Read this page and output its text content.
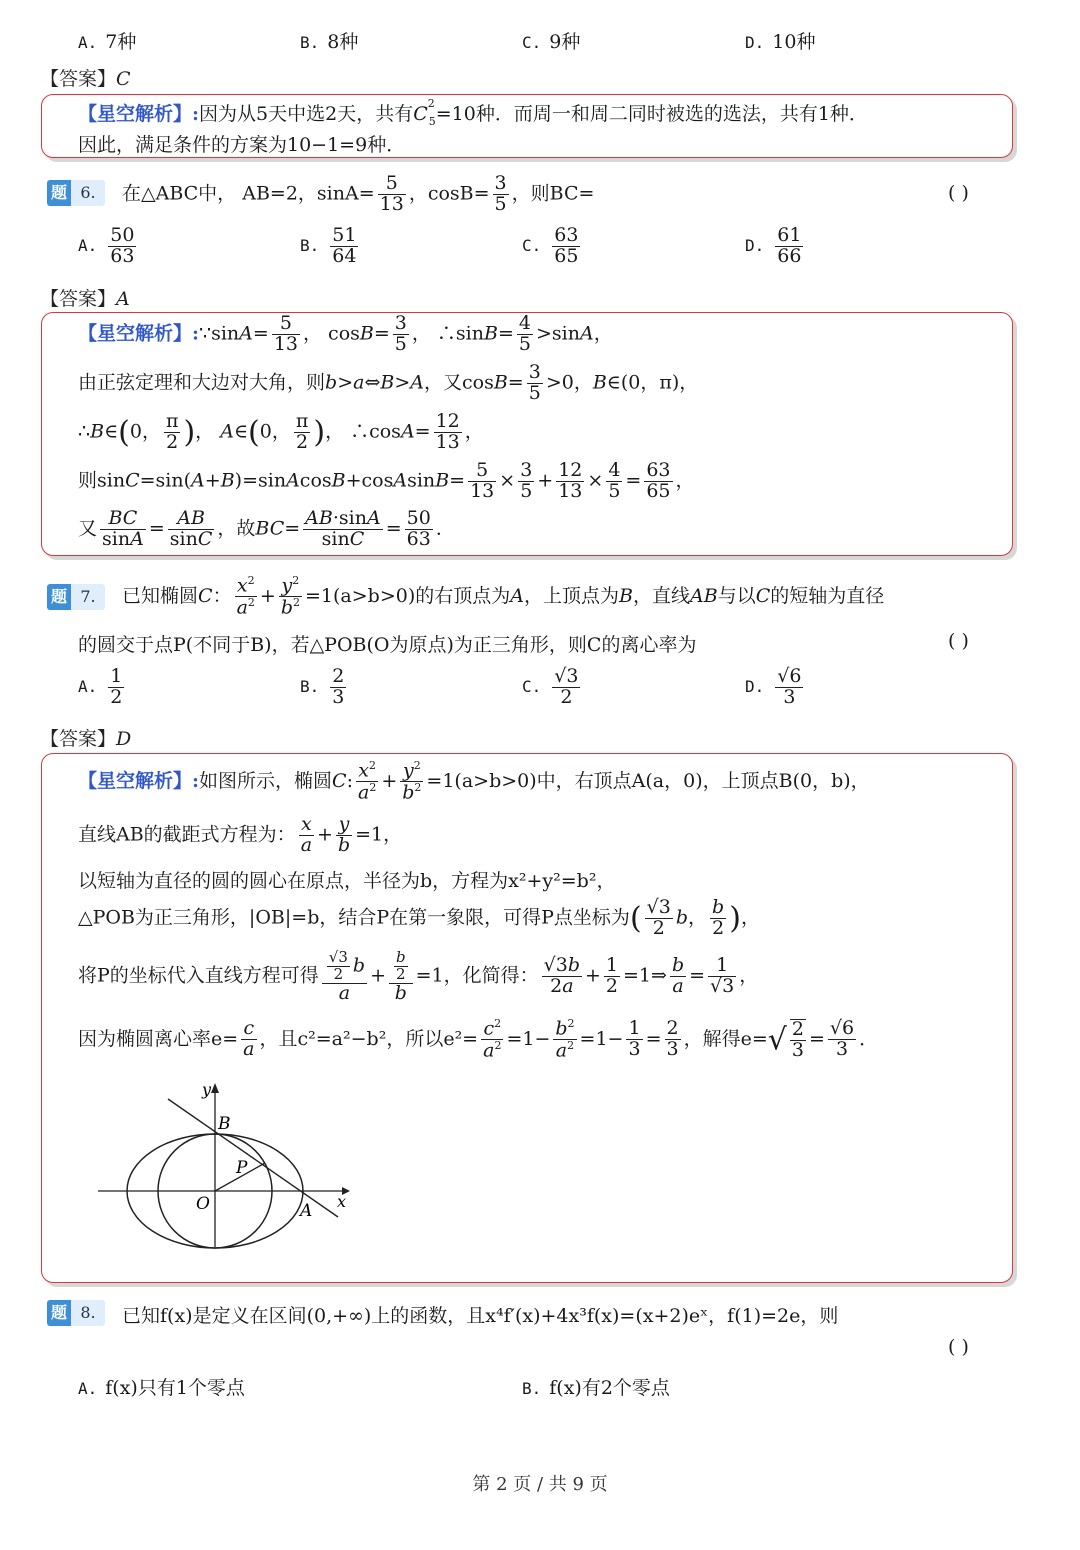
A. 7种	B. 8种	C. 9种	D. 10种
【答案】C
【星空解析】:因为从5天中选2天，共有$C^2_5=10$种．而周一和周二同时被选的选法，共有1种．
因此，满足条件的方案为10−1=9种．
题 6.	在△ABC中， AB=2，$\sin A= \frac{5}{13}$ ，$\cos B= \frac{3}{5}$ ，则BC=	( )
A. $\frac{50}{63}$	B. $\frac{51}{64}$	C. $\frac{63}{65}$	D. $\frac{61}{66}$
【答案】A
【星空解析】:∵sinA= $\frac{5}{13}$ ， $\cos B= \frac{3}{5}$ ， ∴sinB= $\frac{4}{5} >\sin A$，
由正弦定理和大边对大角，则b>a⇔B>A，又$\cos B= \frac{3}{5} >0$，B∈(0，π)，
∴B∈(0， $\frac{\pi}{2}$ )， A∈(0， $\frac{\pi}{2}$ )， ∴cosA= $\frac{12}{13}$ ，
则sinC=sin(A+B)=sinAcosB+cosAsinB= $\frac{5}{13} \times \frac{3}{5} + \frac{12}{13} \times \frac{4}{5} = \frac{63}{65}$ ，
又 $\frac{BC}{\sin A} = \frac{AB}{\sin C}$ ，故$BC= \frac{AB\cdot\sin A}{\sin C} = \frac{50}{63}$ ．
题 7.	已知椭圆C： $\frac{x^2}{a^2} + \frac{y^2}{b^2} =1(a>b>0)$的右顶点为A，上顶点为B，直线AB与以C的短轴为直径
的圆交于点P(不同于B)，若△POB(O为原点)为正三角形，则C的离心率为	( )
A. $\frac{1}{2}$	B. $\frac{2}{3}$	C. $\frac{√3}{2}$	D. $\frac{√6}{3}$
【答案】D
【星空解析】:如图所示，椭圆C: $\frac{x^2}{a^2} + \frac{y^2}{b^2} =1(a>b>0)$中，右顶点A(a，0)，上顶点B(0，b)，
直线AB的截距式方程为： $\frac{x}{a} + \frac{y}{b} =1$，
以短轴为直径的圆的圆心在原点，半径为b，方程为x²+y²=b²，
△POB为正三角形，|OB|=b，结合P在第一象限，可得P点坐标为( $\frac{√3}{2}$ b， $\frac{b}{2}$ )，
将P的坐标代入直线方程可得 $\frac{\frac{√3}{2} b}{a} + \frac{\frac{b}{2}}{b} =1$，化简得： $\frac{√3b}{2a} + \frac{1}{2}$ =1⇒ $\frac{b}{a} = \frac{1}{√3}$ ，
因为椭圆离心率$e= \frac{c}{a}$ ，且c²=a²−b²，所以$e^2= \frac{c^2}{a^2} =1- \frac{b^2}{a^2} =1- \frac{1}{3} = \frac{2}{3}$ ，解得$e=√ \frac{2}{3} = \frac{√6}{3}$ ．
y
x
B
P
O	A
题 8.	已知f(x)是定义在区间(0,+∞)上的函数，且x⁴f′(x)+4x³f(x)=(x+2)eˣ，f(1)=2e，则
( )
A. f(x)只有1个零点	B. f(x)有2个零点
第 2 页 / 共 9 页
